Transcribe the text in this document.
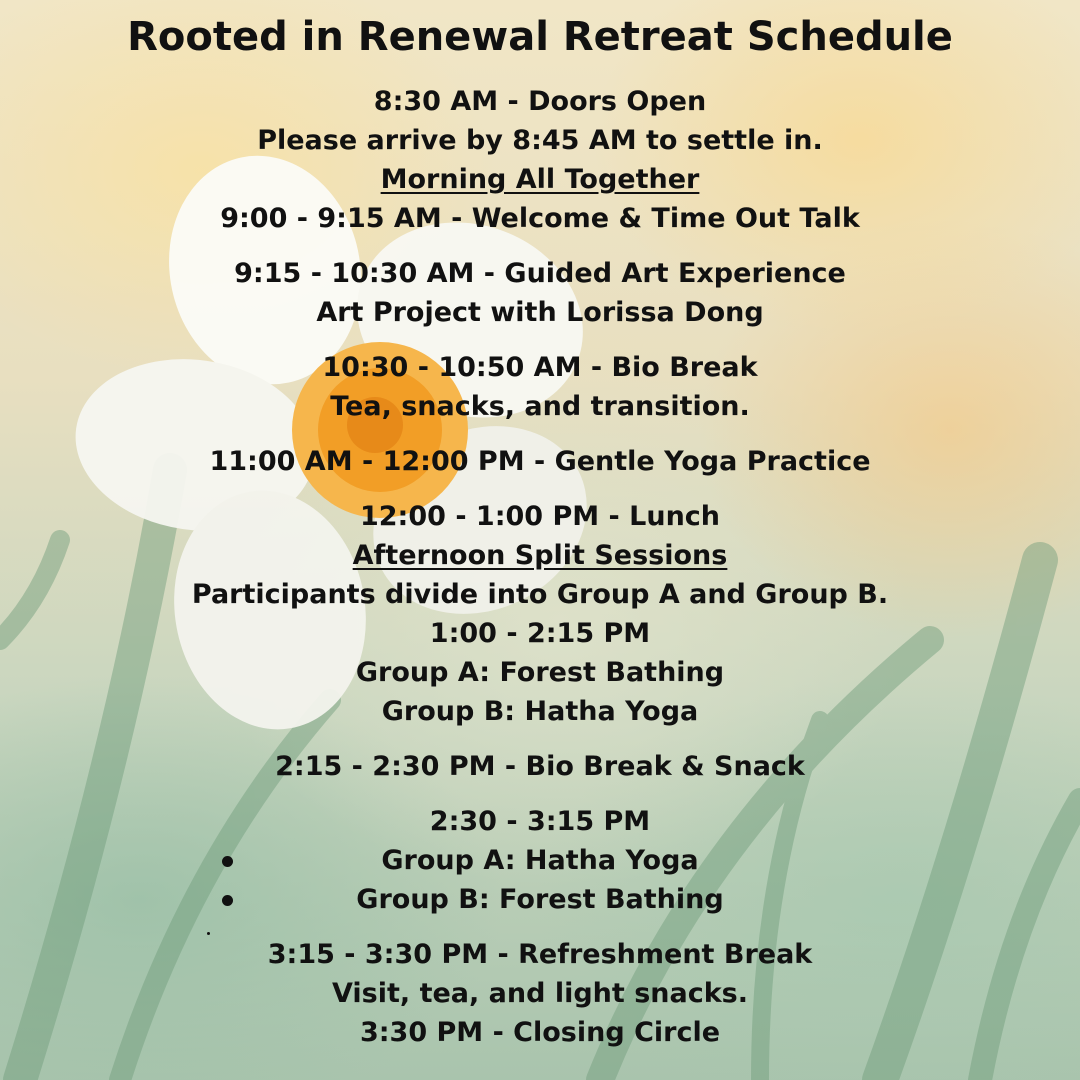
Rooted in Renewal Retreat Schedule
8:30 AM - Doors Open
Please arrive by 8:45 AM to settle in.
Morning All Together
9:00 - 9:15 AM - Welcome & Time Out Talk
9:15 - 10:30 AM - Guided Art Experience
Art Project with Lorissa Dong
10:30 - 10:50 AM - Bio Break
Tea, snacks, and transition.
11:00 AM - 12:00 PM - Gentle Yoga Practice
12:00 - 1:00 PM - Lunch
Afternoon Split Sessions
Participants divide into Group A and Group B.
1:00 - 2:15 PM
Group A: Forest Bathing
Group B: Hatha Yoga
2:15 - 2:30 PM - Bio Break & Snack
2:30 - 3:15 PM
Group A: Hatha Yoga
Group B: Forest Bathing
3:15 - 3:30 PM - Refreshment Break
Visit, tea, and light snacks.
3:30 PM - Closing Circle
